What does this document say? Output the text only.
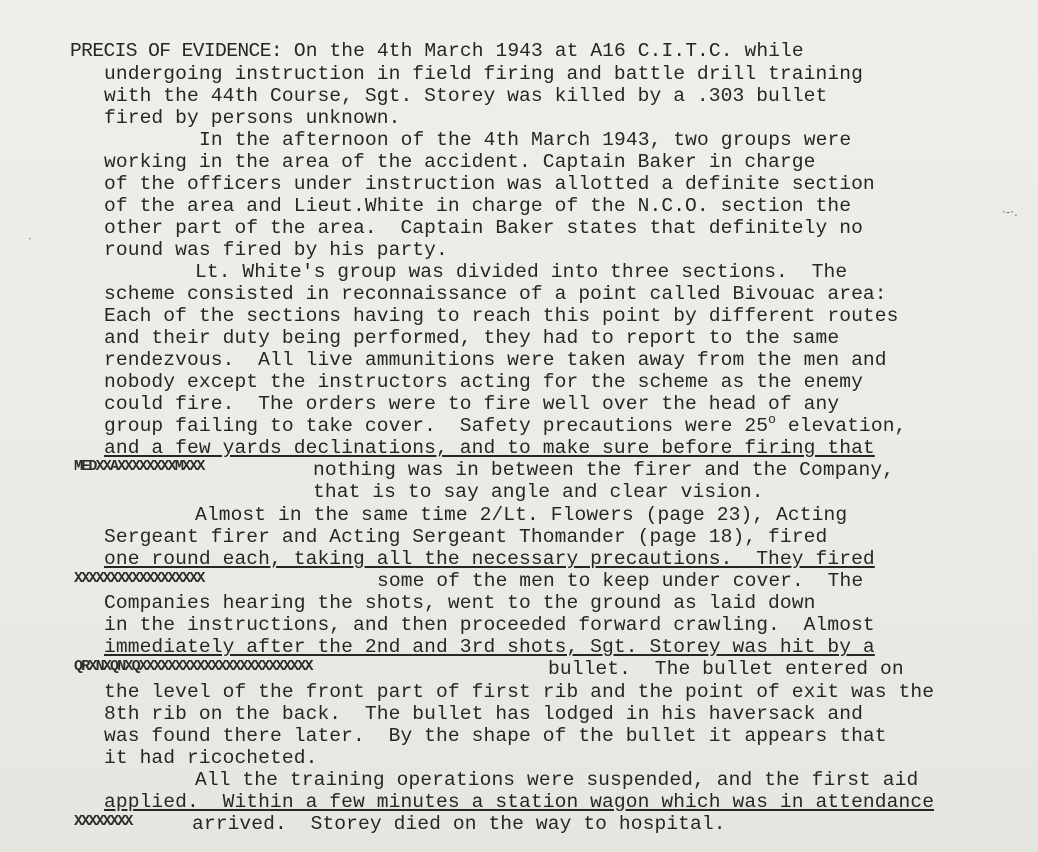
PRECIS OF EVIDENCE: On the 4th March 1943 at A16 C.I.T.C. while
undergoing instruction in field firing and battle drill training
with the 44th Course, Sgt. Storey was killed by a .303 bullet
fired by persons unknown.
In the afternoon of the 4th March 1943, two groups were
working in the area of the accident. Captain Baker in charge
of the officers under instruction was allotted a definite section
of the area and Lieut.White in charge of the N.C.O. section the
other part of the area.  Captain Baker states that definitely no
round was fired by his party.
Lt. White's group was divided into three sections.  The
scheme consisted in reconnaissance of a point called Bivouac area:
Each of the sections having to reach this point by different routes
and their duty being performed, they had to report to the same
rendezvous.  All live ammunitions were taken away from the men and
nobody except the instructors acting for the scheme as the enemy
could fire.  The orders were to fire well over the head of any
group failing to take cover.  Safety precautions were 25$^o$ elevation,
and a few yards declinations, and to make sure before firing that
MEDXXAXXXXXXXXMXXX	nothing was in between the firer and the Company,
that is to say angle and clear vision.
Almost in the same time 2/Lt. Flowers (page 23), Acting
Sergeant firer and Acting Sergeant Thomander (page 18), fired
one round each, taking all the necessary precautions.  They fired
XXXXXXXXXXXXXXXXXX	some of the men to keep under cover.  The
Companies hearing the shots, went to the ground as laid down
in the instructions, and then proceeded forward crawling.  Almost
immediately after the 2nd and 3rd shots, Sgt. Storey was hit by a
QRXNXQNXQXXXXXXXXXXXXXXXXXXXXXXXX	bullet.  The bullet entered on
the level of the front part of first rib and the point of exit was the
8th rib on the back.  The bullet has lodged in his haversack and
was found there later.  By the shape of the bullet it appears that
it had ricocheted.
All the training operations were suspended, and the first aid
applied.  Within a few minutes a station wagon which was in attendance
XXXXXXXX	arrived.  Storey died on the way to hospital.
·-·.
·
